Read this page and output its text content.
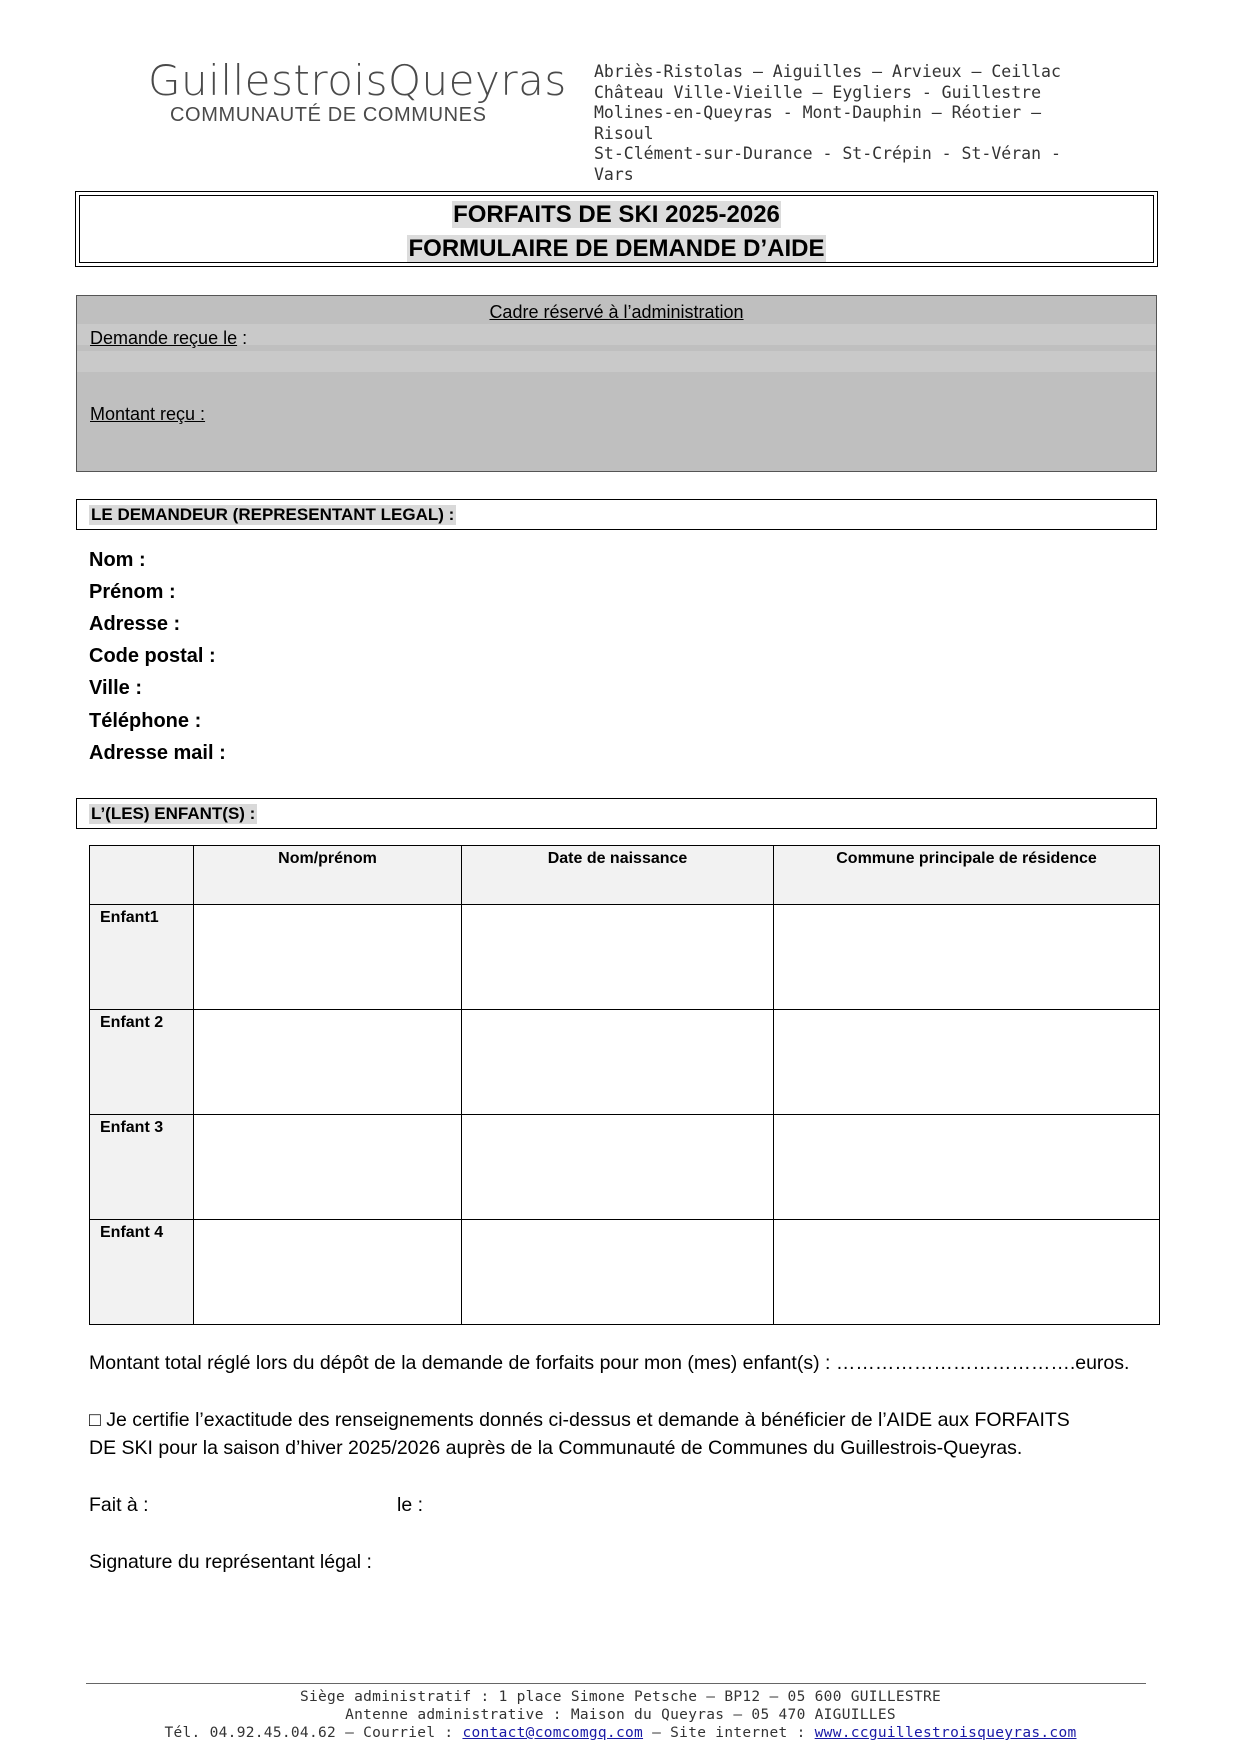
GuillestroisQueyras
COMMUNAUTÉ DE COMMUNES
Abriès-Ristolas – Aiguilles – Arvieux – Ceillac
Château Ville-Vieille – Eygliers - Guillestre
Molines-en-Queyras - Mont-Dauphin – Réotier – Risoul
St-Clément-sur-Durance - St-Crépin - St-Véran -
Vars
FORFAITS DE SKI 2025-2026
FORMULAIRE DE DEMANDE D’AIDE
Cadre réservé à l’administration
Demande reçue le :
Montant reçu :
LE DEMANDEUR (REPRESENTANT LEGAL) :
Nom :
Prénom :
Adresse :
Code postal :
Ville :
Téléphone :
Adresse mail :
L’(LES) ENFANT(S) :
	Nom/prénom	Date de naissance	Commune principale de résidence
Enfant1			
Enfant 2			
Enfant 3			
Enfant 4			
Montant total réglé lors du dépôt de la demande de forfaits pour mon (mes) enfant(s) : ……………………………….euros.
□ Je certifie l’exactitude des renseignements donnés ci-dessus et demande à bénéficier de l’AIDE aux FORFAITS
DE SKI pour la saison d’hiver 2025/2026 auprès de la Communauté de Communes du Guillestrois-Queyras.
Fait à :	le :
Signature du représentant légal :
Siège administratif : 1 place Simone Petsche – BP12 – 05 600 GUILLESTRE
Antenne administrative : Maison du Queyras – 05 470 AIGUILLES
Tél. 04.92.45.04.62 – Courriel : contact@comcomgq.com – Site internet : www.ccguillestroisqueyras.com
